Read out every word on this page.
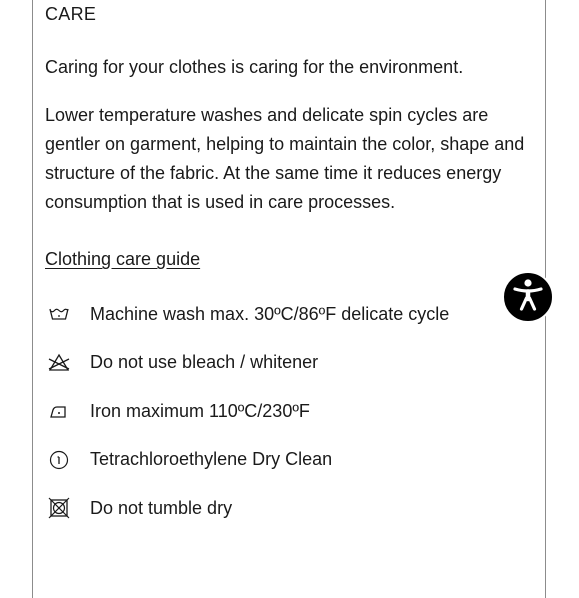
CARE
Caring for your clothes is caring for the environment.
Lower temperature washes and delicate spin cycles are gentler on garment, helping to maintain the color, shape and structure of the fabric. At the same time it reduces energy consumption that is used in care processes.
Clothing care guide
Machine wash max. 30ºC/86ºF delicate cycle
Do not use bleach / whitener
Iron maximum 110ºC/230ºF
Tetrachloroethylene Dry Clean
Do not tumble dry
